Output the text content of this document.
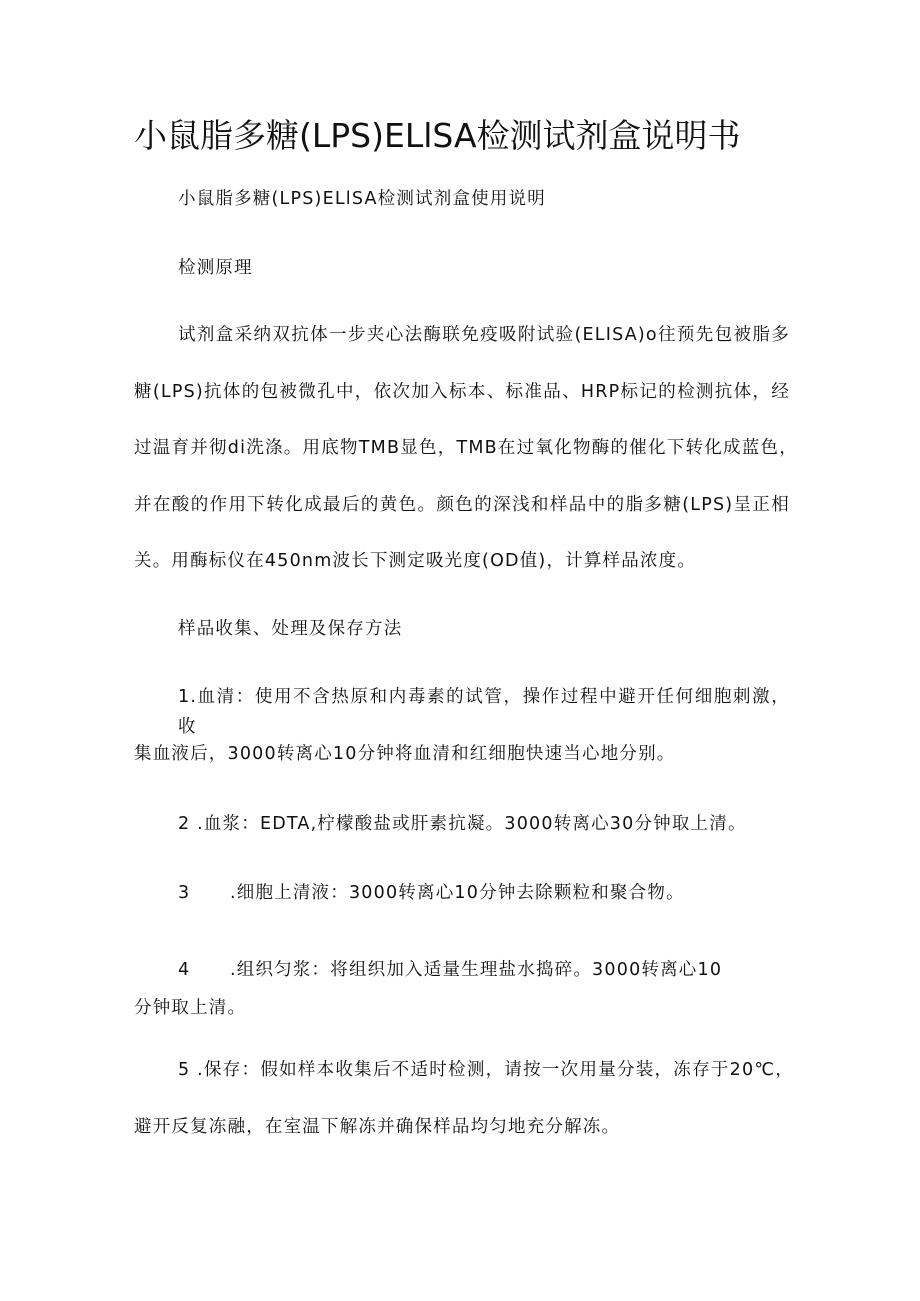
小鼠脂多糖(LPS)ELlSA检测试剂盒说明书
小鼠脂多糖(LPS)ELlSA检测试剂盒使用说明
检测原理
试剂盒采纳双抗体一步夹心法酶联免疫吸附试验(ELISA)o往预先包被脂多
糖(LPS)抗体的包被微孔中，依次加入标本、标准品、HRP标记的检测抗体，经
过温育并彻di洗涤。用底物TMB显色，TMB在过氧化物酶的催化下转化成蓝色，
并在酸的作用下转化成最后的黄色。颜色的深浅和样品中的脂多糖(LPS)呈正相
关。用酶标仪在450nm波长下测定吸光度(OD值)，计算样品浓度。
样品收集、处理及保存方法
1.血清：使用不含热原和内毒素的试管，操作过程中避开任何细胞刺激，收
集血液后，3000转离心10分钟将血清和红细胞快速当心地分别。
2 .血浆：EDTA,柠檬酸盐或肝素抗凝。3000转离心30分钟取上清。
3 .细胞上清液：3000转离心10分钟去除颗粒和聚合物。
4 .组织匀浆：将组织加入适量生理盐水捣碎。3000转离心10
分钟取上清。
5 .保存：假如样本收集后不适时检测，请按一次用量分装，冻存于20℃，
避开反复冻融，在室温下解冻并确保样品均匀地充分解冻。
